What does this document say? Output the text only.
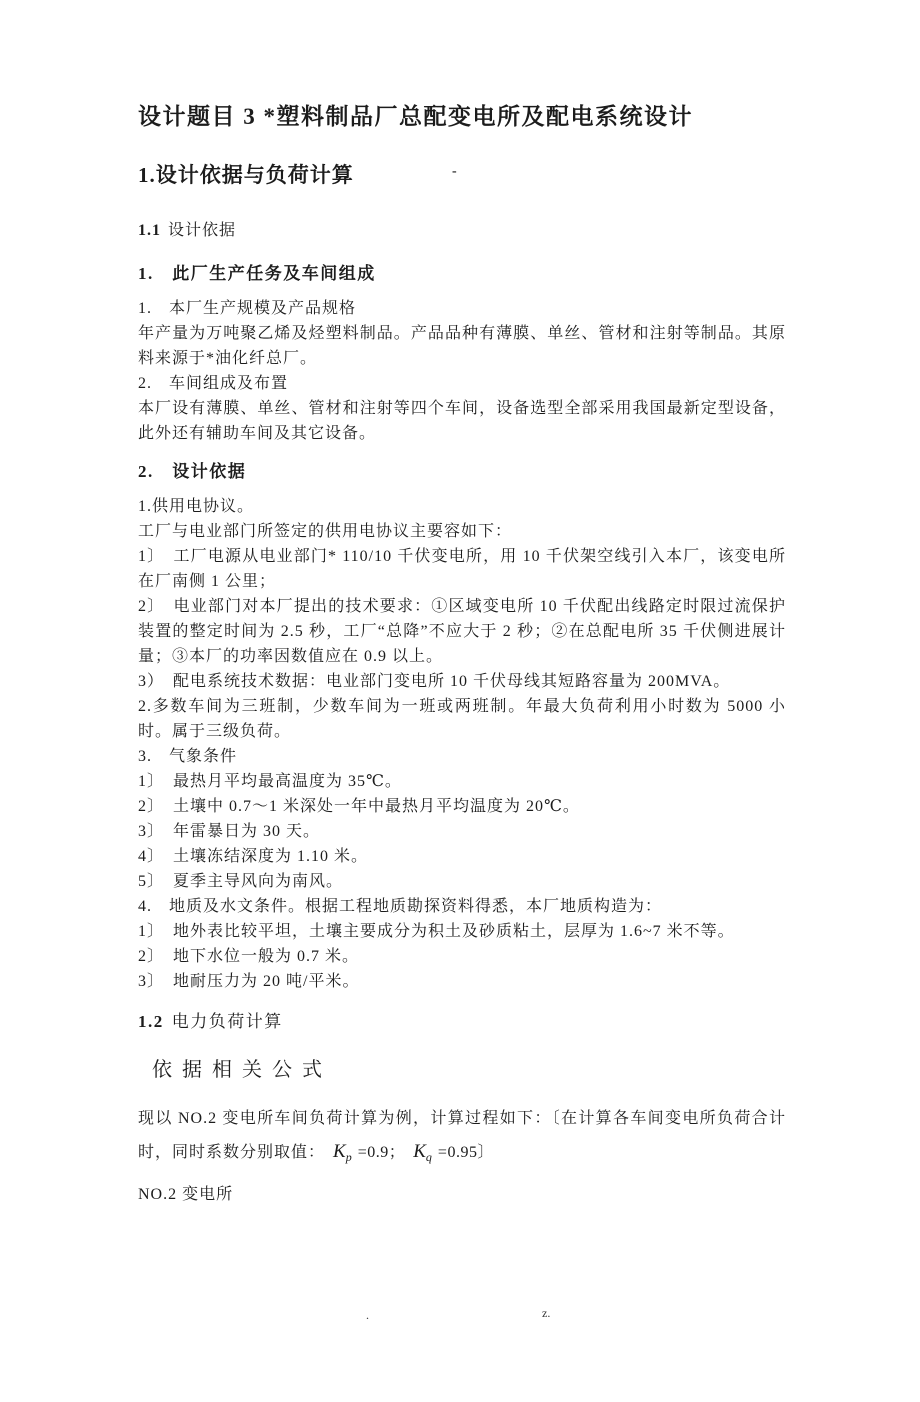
-
设计题目 3 *塑料制品厂总配变电所及配电系统设计
1.设计依据与负荷计算

1.1 设计依据

1.　此厂生产任务及车间组成

1.　本厂生产规模及产品规格

年产量为万吨聚乙烯及烃塑料制品。产品品种有薄膜、单丝、管材和注射等制品。其原料来源于*油化纤总厂。

2.　车间组成及布置

本厂设有薄膜、单丝、管材和注射等四个车间，设备选型全部采用我国最新定型设备，此外还有辅助车间及其它设备。

2.　设计依据

1.供用电协议。

工厂与电业部门所签定的供用电协议主要容如下：

1〕　工厂电源从电业部门* 110/10 千伏变电所，用 10 千伏架空线引入本厂，该变电所在厂南侧 1 公里；

2〕　电业部门对本厂提出的技术要求：①区域变电所 10 千伏配出线路定时限过流保护装置的整定时间为 2.5 秒，工厂“总降”不应大于 2 秒；②在总配电所 35 千伏侧进展计量；③本厂的功率因数值应在 0.9 以上。

3）　配电系统技术数据：电业部门变电所 10 千伏母线其短路容量为 200MVA。

2.多数车间为三班制，少数车间为一班或两班制。年最大负荷利用小时数为 5000 小时。属于三级负荷。

3.　气象条件

1〕　最热月平均最高温度为 35℃。

2〕　土壤中 0.7～1 米深处一年中最热月平均温度为 20℃。

3〕　年雷暴日为 30 天。

4〕　土壤冻结深度为 1.10 米。

5〕　夏季主导风向为南风。

4.　地质及水文条件。根据工程地质勘探资料得悉，本厂地质构造为：

1〕　地外表比较平坦，土壤主要成分为积土及砂质粘土，层厚为 1.6~7 米不等。

2〕　地下水位一般为 0.7 米。

3〕　地耐压力为 20 吨/平米。

1.2 电力负荷计算

依据相关公式

现以 NO.2 变电所车间负荷计算为例，计算过程如下：〔在计算各车间变电所负荷合计时，同时系数分别取值： $K_p =0.9$； $K_q =0.95$〕

NO.2 变电所

.	z.
